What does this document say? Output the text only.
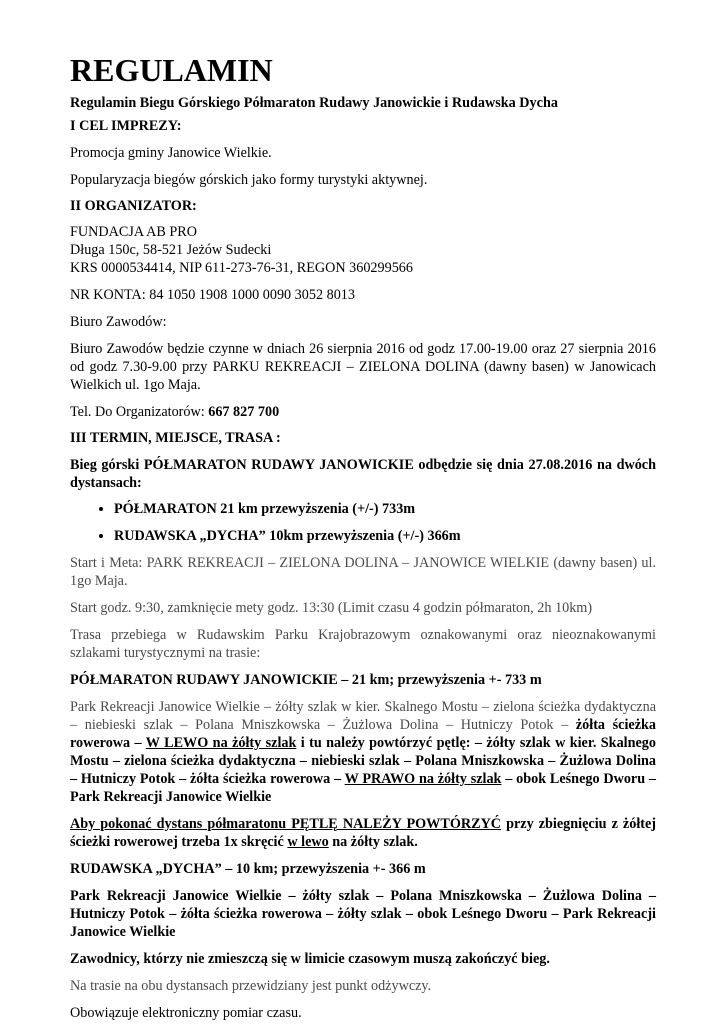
REGULAMIN

Regulamin Biegu Górskiego Półmaraton Rudawy Janowickie i Rudawska Dycha

I CEL IMPREZY:

Promocja gminy Janowice Wielkie.

Popularyzacja biegów górskich jako formy turystyki aktywnej.

II ORGANIZATOR:

FUNDACJA AB PRO

Długa 150c, 58-521 Jeżów Sudecki

KRS 0000534414, NIP 611-273-76-31, REGON 360299566

NR KONTA: 84 1050 1908 1000 0090 3052 8013

Biuro Zawodów:

Biuro Zawodów będzie czynne w dniach 26 sierpnia 2016 od godz 17.00-19.00 oraz 27 sierpnia 2016 od godz 7.30-9.00 przy PARKU REKREACJI – ZIELONA DOLINA (dawny basen) w Janowicach Wielkich ul. 1go Maja.

Tel. Do Organizatorów: 667 827 700

III TERMIN, MIEJSCE, TRASA :

Bieg górski PÓŁMARATON RUDAWY JANOWICKIE odbędzie się dnia 27.08.2016 na dwóch dystansach:

• PÓŁMARATON 21 km przewyższenia (+/-) 733m
• RUDAWSKA „DYCHA” 10km przewyższenia (+/-) 366m

Start i Meta: PARK REKREACJI – ZIELONA DOLINA – JANOWICE WIELKIE (dawny basen) ul. 1go Maja.

Start godz. 9:30, zamknięcie mety godz. 13:30 (Limit czasu 4 godzin półmaraton, 2h 10km)

Trasa przebiega w Rudawskim Parku Krajobrazowym oznakowanymi oraz nieoznakowanymi szlakami turystycznymi na trasie:

PÓŁMARATON RUDAWY JANOWICKIE – 21 km; przewyższenia +- 733 m

Park Rekreacji Janowice Wielkie – żółty szlak w kier. Skalnego Mostu – zielona ścieżka dydaktyczna – niebieski szlak – Polana Mniszkowska – Żużlowa Dolina – Hutniczy Potok – żółta ścieżka rowerowa – W LEWO na żółty szlak i tu należy powtórzyć pętlę: – żółty szlak w kier. Skalnego Mostu – zielona ścieżka dydaktyczna – niebieski szlak – Polana Mniszkowska – Żużlowa Dolina – Hutniczy Potok – żółta ścieżka rowerowa – W PRAWO na żółty szlak – obok Leśnego Dworu – Park Rekreacji Janowice Wielkie

Aby pokonać dystans półmaratonu PĘTLĘ NALEŻY POWTÓRZYĆ przy zbiegnięciu z żółtej ścieżki rowerowej trzeba 1x skręcić w lewo na żółty szlak.

RUDAWSKA „DYCHA” – 10 km; przewyższenia +- 366 m

Park Rekreacji Janowice Wielkie – żółty szlak – Polana Mniszkowska – Żużlowa Dolina – Hutniczy Potok – żółta ścieżka rowerowa – żółty szlak – obok Leśnego Dworu – Park Rekreacji Janowice Wielkie

Zawodnicy, którzy nie zmieszczą się w limicie czasowym muszą zakończyć bieg.

Na trasie na obu dystansach przewidziany jest punkt odżywczy.

Obowiązuje elektroniczny pomiar czasu.
